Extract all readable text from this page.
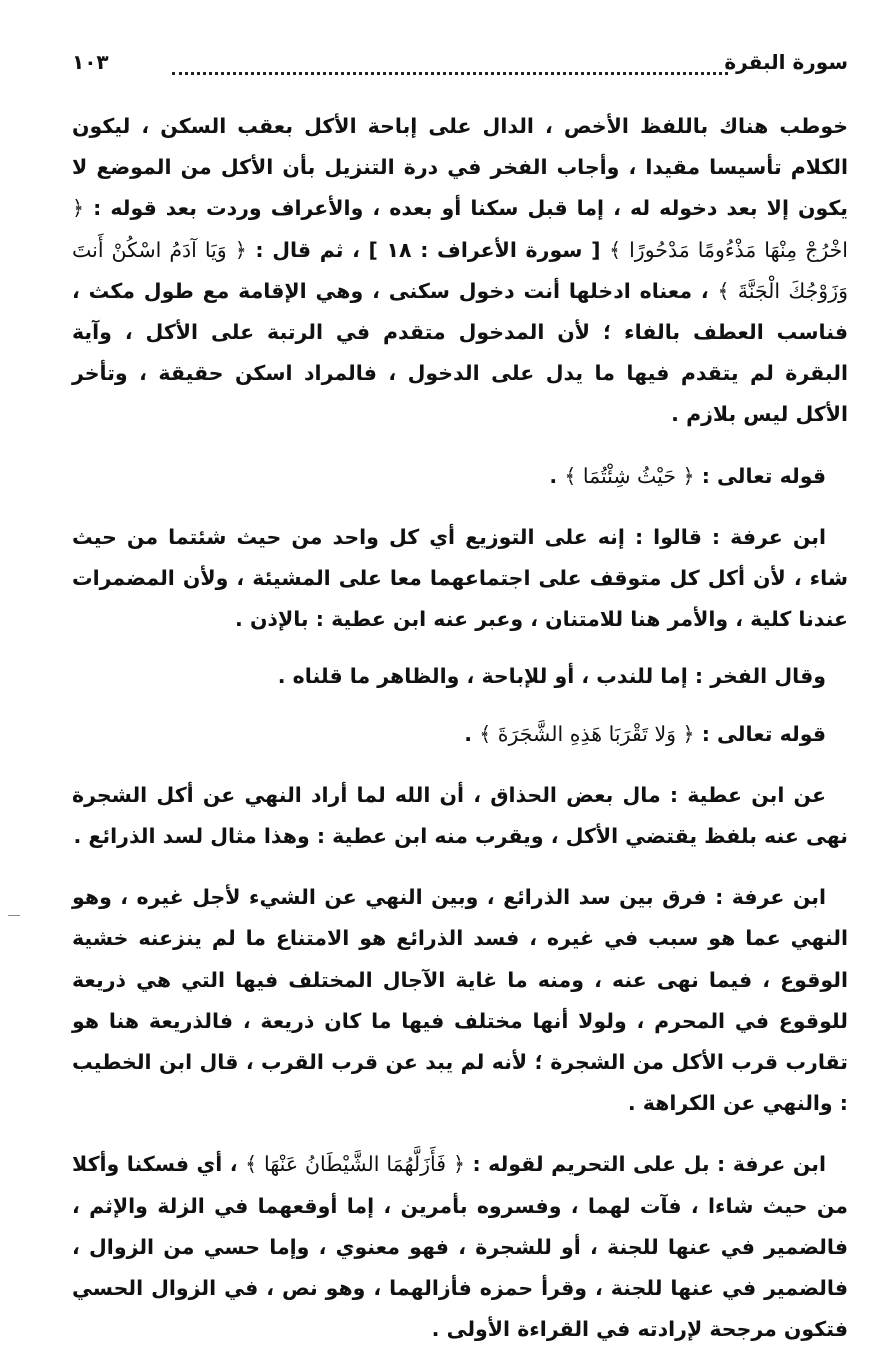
سورة البقرة
١٠٣

خوطب هناك باللفظ الأخص ، الدال على إباحة الأكل بعقب السكن ، ليكون الكلام تأسيسا مقيدا ، وأجاب الفخر في درة التنزيل بأن الأكل من الموضع لا يكون إلا بعد دخوله له ، إما قبل سكنا أو بعده ، والأعراف وردت بعد قوله : ﴿ اخْرُجْ مِنْهَا مَذْءُومًا مَدْحُورًا ﴾ [ سورة الأعراف : ١٨ ] ، ثم قال : ﴿ وَيَا آدَمُ اسْكُنْ أَنتَ وَزَوْجُكَ الْجَنَّةَ ﴾ ، معناه ادخلها أنت دخول سكنى ، وهي الإقامة مع طول مكث ، فناسب العطف بالفاء ؛ لأن المدخول متقدم في الرتبة على الأكل ، وآية البقرة لم يتقدم فيها ما يدل على الدخول ، فالمراد اسكن حقيقة ، وتأخر الأكل ليس بلازم .

قوله تعالى : ﴿ حَيْثُ شِئْتُمَا ﴾ .

ابن عرفة : قالوا : إنه على التوزيع أي كل واحد من حيث شئتما من حيث شاء ، لأن أكل كل متوقف على اجتماعهما معا على المشيئة ، ولأن المضمرات عندنا كلية ، والأمر هنا للامتنان ، وعبر عنه ابن عطية : بالإذن .

وقال الفخر : إما للندب ، أو للإباحة ، والظاهر ما قلناه .

قوله تعالى : ﴿ وَلا تَقْرَبَا هَذِهِ الشَّجَرَةَ ﴾ .

عن ابن عطية : مال بعض الحذاق ، أن الله لما أراد النهي عن أكل الشجرة نهى عنه بلفظ يقتضي الأكل ، ويقرب منه ابن عطية : وهذا مثال لسد الذرائع .

ابن عرفة : فرق بين سد الذرائع ، وبين النهي عن الشيء لأجل غيره ، وهو النهي عما هو سبب في غيره ، فسد الذرائع هو الامتناع ما لم ينزعنه خشية الوقوع ، فيما نهى عنه ، ومنه ما غاية الآجال المختلف فيها التي هي ذريعة للوقوع في المحرم ، ولولا أنها مختلف فيها ما كان ذريعة ، فالذريعة هنا هو تقارب قرب الأكل من الشجرة ؛ لأنه لم يبد عن قرب القرب ، قال ابن الخطيب : والنهي عن الكراهة .

ابن عرفة : بل على التحريم لقوله : ﴿ فَأَزَلَّهُمَا الشَّيْطَانُ عَنْهَا ﴾ ، أي فسكنا وأكلا من حيث شاءا ، فآت لهما ، وفسروه بأمرين ، إما أوقعهما في الزلة والإثم ، فالضمير في عنها للجنة ، أو للشجرة ، فهو معنوي ، وإما حسي من الزوال ، فالضمير في عنها للجنة ، وقرأ حمزه فأزالهما ، وهو نص ، في الزوال الحسي فتكون مرجحة لإرادته في القراءة الأولى .
